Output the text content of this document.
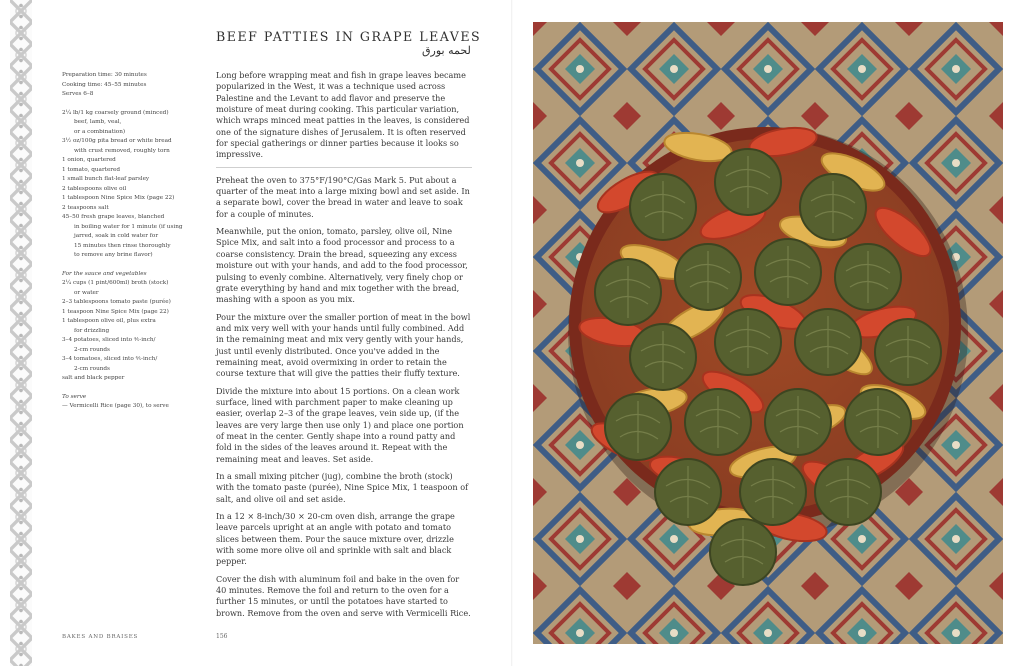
BEEF PATTIES IN GRAPE LEAVES
لحمه بورق
Preparation time: 30 minutes
Cooking time: 45–55 minutes
Serves 6–8
2¼ lb/1 kg coarsely ground (minced)
beef, lamb, veal,
or a combination)
3½ oz/100g pita bread or white bread
with crust removed, roughly torn
1 onion, quartered
1 tomato, quartered
1 small bunch flat-leaf parsley
2 tablespoons olive oil
1 tablespoon Nine Spice Mix (page 22)
2 teaspoons salt
45–50 fresh grape leaves, blanched
in boiling water for 1 minute (if using
jarred, soak in cold water for
15 minutes then rinse thoroughly
to remove any brine flavor)
For the sauce and vegetables
2¼ cups (1 pint/600ml) broth (stock)
or water
2–3 tablespoons tomato paste (purée)
1 teaspoon Nine Spice Mix (page 22)
1 tablespoon olive oil, plus extra
for drizzling
3–4 potatoes, sliced into ⅘-inch/
2-cm rounds
3–4 tomatoes, sliced into ⅘-inch/
2-cm rounds
salt and black pepper
To serve
— Vermicelli Rice (page 30), to serve

Long before wrapping meat and fish in grape leaves became popularized in the West, it was a technique used across Palestine and the Levant to add flavor and preserve the moisture of meat during cooking. This particular variation, which wraps minced meat patties in the leaves, is considered one of the signature dishes of Jerusalem. It is often reserved for special gatherings or dinner parties because it looks so impressive.

Preheat the oven to 375°F/190°C/Gas Mark 5. Put about a quarter of the meat into a large mixing bowl and set aside. In a separate bowl, cover the bread in water and leave to soak for a couple of minutes.

Meanwhile, put the onion, tomato, parsley, olive oil, Nine Spice Mix, and salt into a food processor and process to a coarse consistency. Drain the bread, squeezing any excess moisture out with your hands, and add to the food processor, pulsing to evenly combine. Alternatively, very finely chop or grate everything by hand and mix together with the bread, mashing with a spoon as you mix.

Pour the mixture over the smaller portion of meat in the bowl and mix very well with your hands until fully combined. Add in the remaining meat and mix very gently with your hands, just until evenly distributed. Once you've added in the remaining meat, avoid overmixing in order to retain the course texture that will give the patties their fluffy texture.

Divide the mixture into about 15 portions. On a clean work surface, lined with parchment paper to make cleaning up easier, overlap 2–3 of the grape leaves, vein side up, (if the leaves are very large then use only 1) and place one portion of meat in the center. Gently shape into a round patty and fold in the sides of the leaves around it. Repeat with the remaining meat and leaves. Set aside.

In a small mixing pitcher (jug), combine the broth (stock) with the tomato paste (purée), Nine Spice Mix, 1 teaspoon of salt, and olive oil and set aside.

In a 12 × 8-inch/30 × 20-cm oven dish, arrange the grape leave parcels upright at an angle with potato and tomato slices between them. Pour the sauce mixture over, drizzle with some more olive oil and sprinkle with salt and black pepper.

Cover the dish with aluminum foil and bake in the oven for 40 minutes. Remove the foil and return to the oven for a further 15 minutes, or until the potatoes have started to brown. Remove from the oven and serve with Vermicelli Rice.

BAKES AND BRAISES	156
